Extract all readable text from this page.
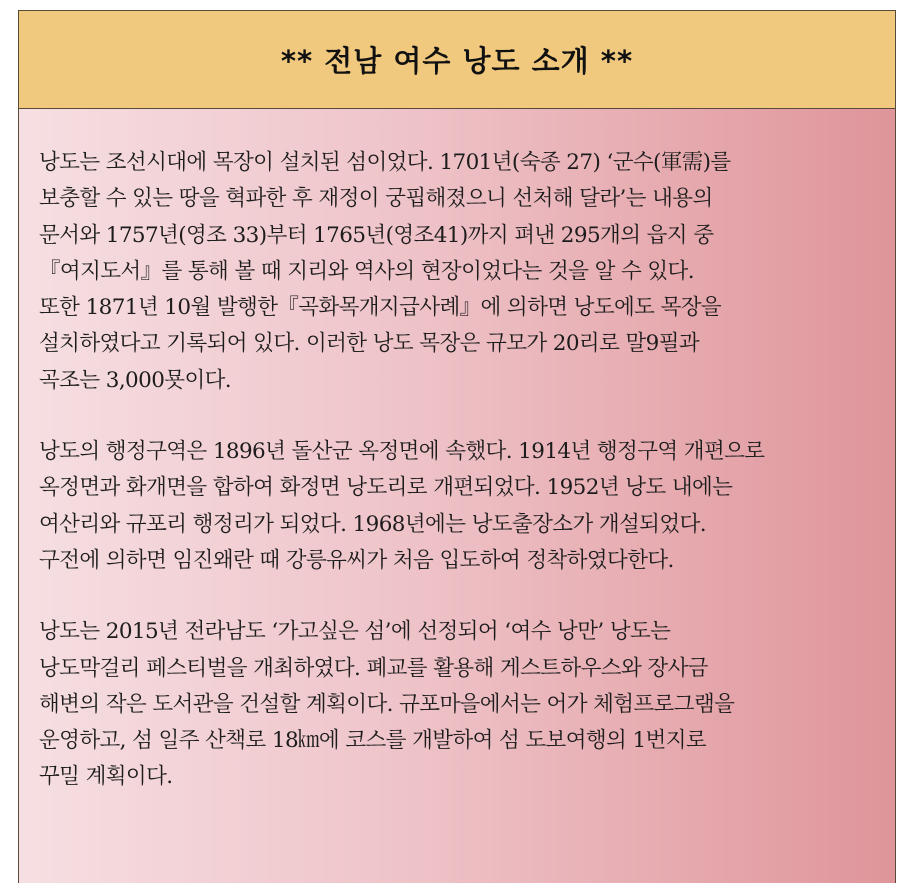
** 전남 여수 낭도 소개 **
낭도는 조선시대에 목장이 설치된 섬이었다. 1701년(숙종 27) ‘군수(軍需)를
보충할 수 있는 땅을 혁파한 후 재정이 궁핍해졌으니 선처해 달라’는 내용의
문서와 1757년(영조 33)부터 1765년(영조41)까지 펴낸 295개의 읍지 중
『여지도서』를 통해 볼 때 지리와 역사의 현장이었다는 것을 알 수 있다.
또한 1871년 10월 발행한『곡화목개지급사례』에 의하면 낭도에도 목장을
설치하였다고 기록되어 있다. 이러한 낭도 목장은 규모가 20리로 말9필과
곡조는 3,000묫이다.
낭도의 행정구역은 1896년 돌산군 옥정면에 속했다. 1914년 행정구역 개편으로
옥정면과 화개면을 합하여 화정면 낭도리로 개편되었다. 1952년 낭도 내에는
여산리와 규포리 행정리가 되었다. 1968년에는 낭도출장소가 개설되었다.
구전에 의하면 임진왜란 때 강릉유씨가 처음 입도하여 정착하였다한다.
낭도는 2015년 전라남도 ‘가고싶은 섬’에 선정되어 ‘여수 낭만’ 낭도는
낭도막걸리 페스티벌을 개최하였다. 폐교를 활용해 게스트하우스와 장사금
해변의 작은 도서관을 건설할 계획이다. 규포마을에서는 어가 체험프로그램을
운영하고, 섬 일주 산책로 18㎞에 코스를 개발하여 섬 도보여행의 1번지로
꾸밀 계획이다.
